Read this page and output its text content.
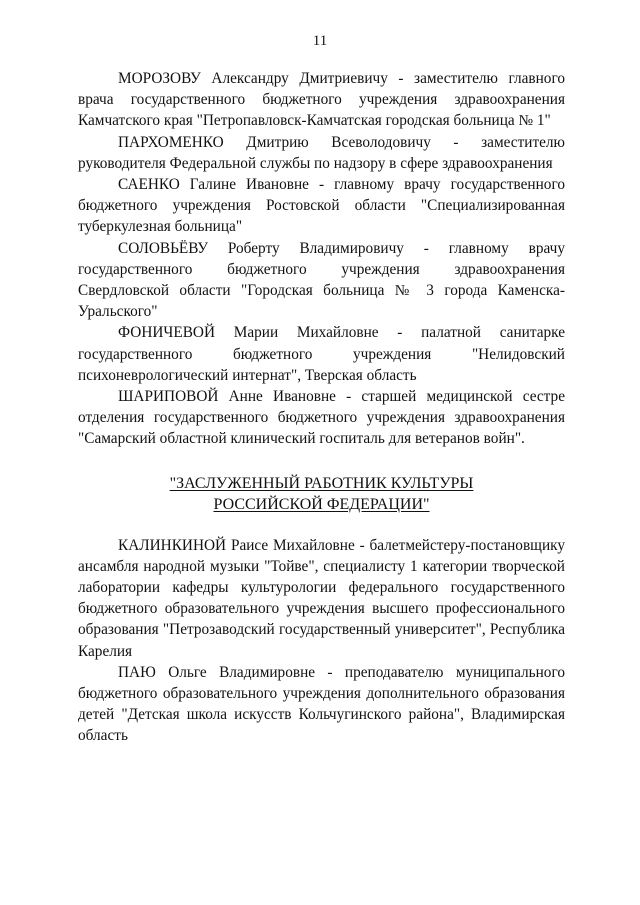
11

МОРОЗОВУ Александру Дмитриевичу - заместителю главного врача государственного бюджетного учреждения здравоохранения Камчатского края "Петропавловск-Камчатская городская больница № 1"

ПАРХОМЕНКО Дмитрию Всеволодовичу - заместителю руководителя Федеральной службы по надзору в сфере здравоохранения

САЕНКО Галине Ивановне - главному врачу государственного бюджетного учреждения Ростовской области "Специализированная туберкулезная больница"

СОЛОВЬЁВУ Роберту Владимировичу - главному врачу государственного бюджетного учреждения здравоохранения Свердловской области "Городская больница № 3 города Каменска-Уральского"

ФОНИЧЕВОЙ Марии Михайловне - палатной санитарке государственного бюджетного учреждения "Нелидовский психоневрологический интернат", Тверская область

ШАРИПОВОЙ Анне Ивановне - старшей медицинской сестре отделения государственного бюджетного учреждения здравоохранения "Самарский областной клинический госпиталь для ветеранов войн".

"ЗАСЛУЖЕННЫЙ РАБОТНИК КУЛЬТУРЫ
РОССИЙСКОЙ ФЕДЕРАЦИИ"

КАЛИНКИНОЙ Раисе Михайловне - балетмейстеру-постановщику ансамбля народной музыки "Тойве", специалисту 1 категории творческой лаборатории кафедры культурологии федерального государственного бюджетного образовательного учреждения высшего профессионального образования "Петрозаводский государственный университет", Республика Карелия

ПАЮ Ольге Владимировне - преподавателю муниципального бюджетного образовательного учреждения дополнительного образования детей "Детская школа искусств Кольчугинского района", Владимирская область
